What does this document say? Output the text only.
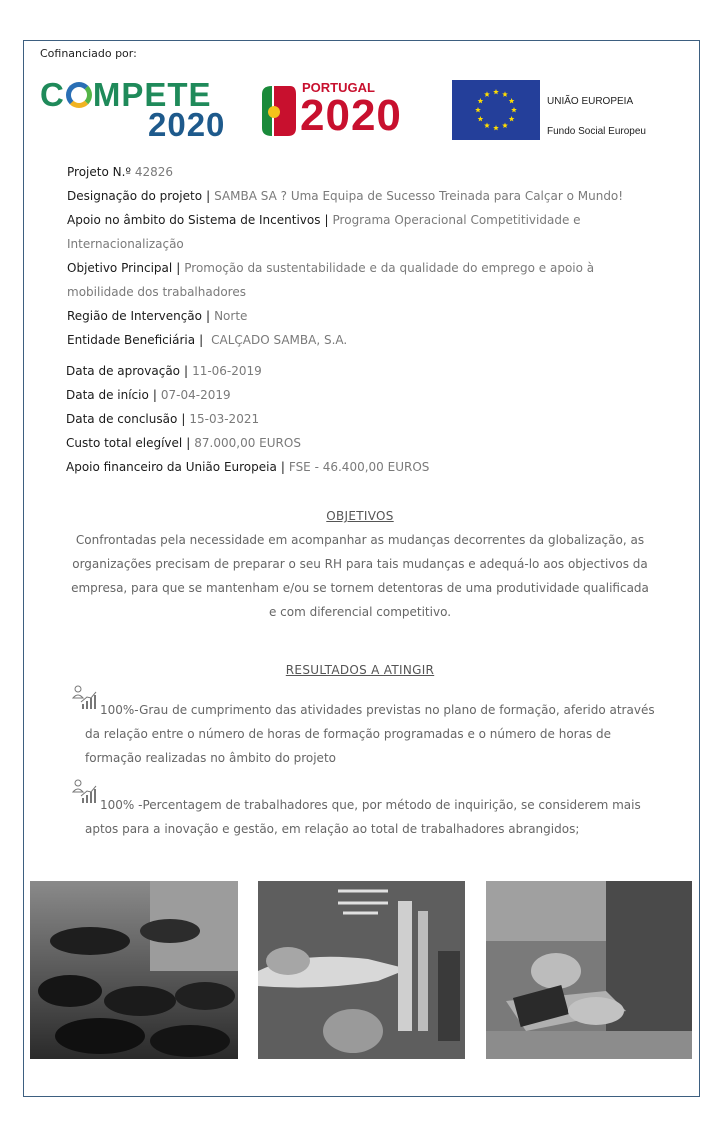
Cofinanciado por:
C MPETE
2020
PORTUGAL
2020	UNIÃO EUROPEIA
Fundo Social Europeu
Projeto N.º 42826
Designação do projeto | SAMBA SA ? Uma Equipa de Sucesso Treinada para Calçar o Mundo!
Apoio no âmbito do Sistema de Incentivos | Programa Operacional Competitividade e
Internacionalização
Objetivo Principal | Promoção da sustentabilidade e da qualidade do emprego e apoio à
mobilidade dos trabalhadores
Região de Intervenção | Norte
Entidade Beneficiária | CALÇADO SAMBA, S.A.
Data de aprovação | 11-06-2019
Data de início | 07-04-2019
Data de conclusão | 15-03-2021
Custo total elegível | 87.000,00 EUROS
Apoio financeiro da União Europeia | FSE - 46.400,00 EUROS
OBJETIVOS
Confrontadas pela necessidade em acompanhar as mudanças decorrentes da globalização, as
organizações precisam de preparar o seu RH para tais mudanças e adequá-lo aos objectivos da
empresa, para que se mantenham e/ou se tornem detentoras de uma produtividade qualificada
e com diferencial competitivo.
RESULTADOS A ATINGIR
100%-Grau de cumprimento das atividades previstas no plano de formação, aferido através
da relação entre o número de horas de formação programadas e o número de horas de
formação realizadas no âmbito do projeto
100% -Percentagem de trabalhadores que, por método de inquirição, se considerem mais
aptos para a inovação e gestão, em relação ao total de trabalhadores abrangidos;
